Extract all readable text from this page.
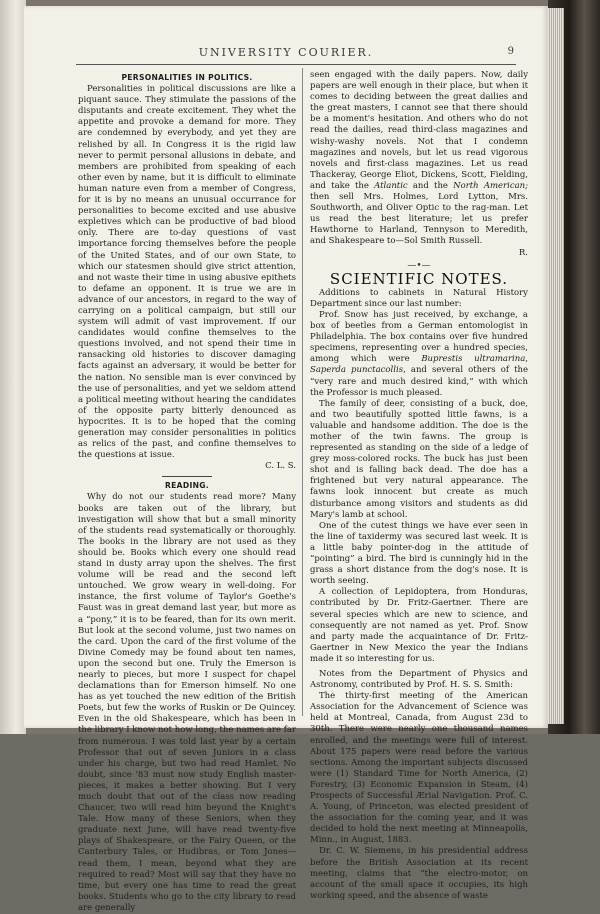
UNIVERSITY COURIER.	9
PERSONALITIES IN POLITICS.

Personalities in political discussions are like a piquant sauce. They stimulate the passions of the disputants and create excitement. They whet the appetite and provoke a demand for more. They are condemned by everybody, and yet they are relished by all. In Congress it is the rigid law never to permit personal allusions in debate, and members are prohibited from speaking of each other even by name, but it is difficult to eliminate human nature even from a member of Congress, for it is by no means an unusual occurrance for personalities to become excited and use abusive expletives which can be productive of bad blood only. There are to-day questions of vast importance forcing themselves before the people of the United States, and of our own State, to which our statesmen should give strict attention, and not waste their time in using abusive epithets to defame an opponent. It is true we are in advance of our ancestors, in regard to the way of carrying on a political campaign, but still our system will admit of vast improvement. If our candidates would confine themselves to the questions involved, and not spend their time in ransacking old histories to discover damaging facts against an adversary, it would be better for the nation. No sensible man is ever convinced by the use of personalities, and yet we seldom attend a political meeting without hearing the candidates of the opposite party bitterly denounced as hypocrites. It is to be hoped that the coming generation may consider personalities in politics as relics of the past, and confine themselves to the questions at issue.

C. L. S.
READING.

Why do not our students read more? Many books are taken out of the library, but investigation will show that but a small minority of the students read systematically or thoroughly. The books in the library are not used as they should be. Books which every one should read stand in dusty array upon the shelves. The first volume will be read and the second left untouched. We grow weary in well-doing. For instance, the first volume of Taylor's Goethe's Faust was in great demand last year, but more as a “pony,” it is to be feared, than for its own merit. But look at the second volume, just two names on the card. Upon the card of the first volume of the Divine Comedy may be found about ten names, upon the second but one. Truly the Emerson is nearly to pieces, but more I suspect for chapel declamations than for Emerson himself. No one has as yet touched the new edition of the British Poets, but few the works of Ruskin or De Quincey. Even in the old Shakespeare, which has been in the library I know not how long, the names are far from numerous. I was told last year by a certain Professor that out of seven Juniors in a class under his charge, but two had read Hamlet. No doubt, since '83 must now study English master-pieces, it makes a better showing. But I very much doubt that out of the class now reading Chaucer, two will read him beyond the Knight's Tale. How many of these Seniors, when they graduate next June, will have read twenty-five plays of Shakespeare, or the Fairy Queen, or the Canterbury Tales, or Hudibras, or Tom Jones—read them, I mean, beyond what they are required to read? Most will say that they have no time, but every one has time to read the great books. Students who go to the city library to read are generally

seen engaged with the daily papers. Now, daily papers are well enough in their place, but when it comes to deciding between the great dailies and the great masters, I cannot see that there should be a moment's hesitation. And others who do not read the dailies, read third-class magazines and wishy-washy novels. Not that I condemn magazines and novels, but let us read vigorous novels and first-class magazines. Let us read Thackeray, George Eliot, Dickens, Scott, Fielding, and take the Atlantic and the North American; then sell Mrs. Holmes, Lord Lytton, Mrs. Southworth, and Oliver Optic to the rag-man. Let us read the best literature; let us prefer Hawthorne to Harland, Tennyson to Meredith, and Shakespeare to—Sol Smith Russell.

R.
—•—
SCIENTIFIC NOTES.

Additions to cabinets in Natural History Department since our last number:

Prof. Snow has just received, by exchange, a box of beetles from a German entomologist in Philadelphia. The box contains over five hundred specimens, representing over a hundred species, among which were Buprestis ultramarina, Saperda punctacollis, and several others of the “very rare and much desired kind,” with which the Professor is much pleased.

The family of deer, consisting of a buck, doe, and two beautifully spotted little fawns, is a valuable and handsome addition. The doe is the mother of the twin fawns. The group is represented as standing on the side of a ledge of grey moss-colored rocks. The buck has just been shot and is falling back dead. The doe has a frightened but very natural appearance. The fawns look innocent but create as much disturbance among visitors and students as did Mary's lamb at school.

One of the cutest things we have ever seen in the line of taxidermy was secured last week. It is a little baby pointer-dog in the attitude of “pointing” a bird. The bird is cunningly hid in the grass a short distance from the dog's nose. It is worth seeing.

A collection of Lepidoptera, from Honduras, contributed by Dr. Fritz-Gaertner. There are several species which are new to science, and consequently are not named as yet. Prof. Snow and party made the acquaintance of Dr. Fritz-Gaertner in New Mexico the year the Indians made it so interesting for us.

Notes from the Department of Physics and Astronomy, contributed by Prof. H. S. S. Smith:

The thirty-first meeting of the American Association for the Advancement of Science was held at Montreal, Canada, from August 23d to 30th. There were nearly one thousand names enrolled, and the meetings were full of interest. About 175 papers were read before the various sections. Among the important subjects discussed were (1) Standard Time for North America, (2) Forestry, (3) Economic Expansion in Steam, (4) Prospects of Successful Ærial Navigation. Prof. C. A. Young, of Princeton, was elected president of the association for the coming year, and it was decided to hold the next meeting at Minneapolis, Minn., in August, 1883.

Dr. C. W. Siemens, in his presidential address before the British Association at its recent meeting, claims that “the electro-motor, on account of the small space it occupies, its high working speed, and the absence of waste
